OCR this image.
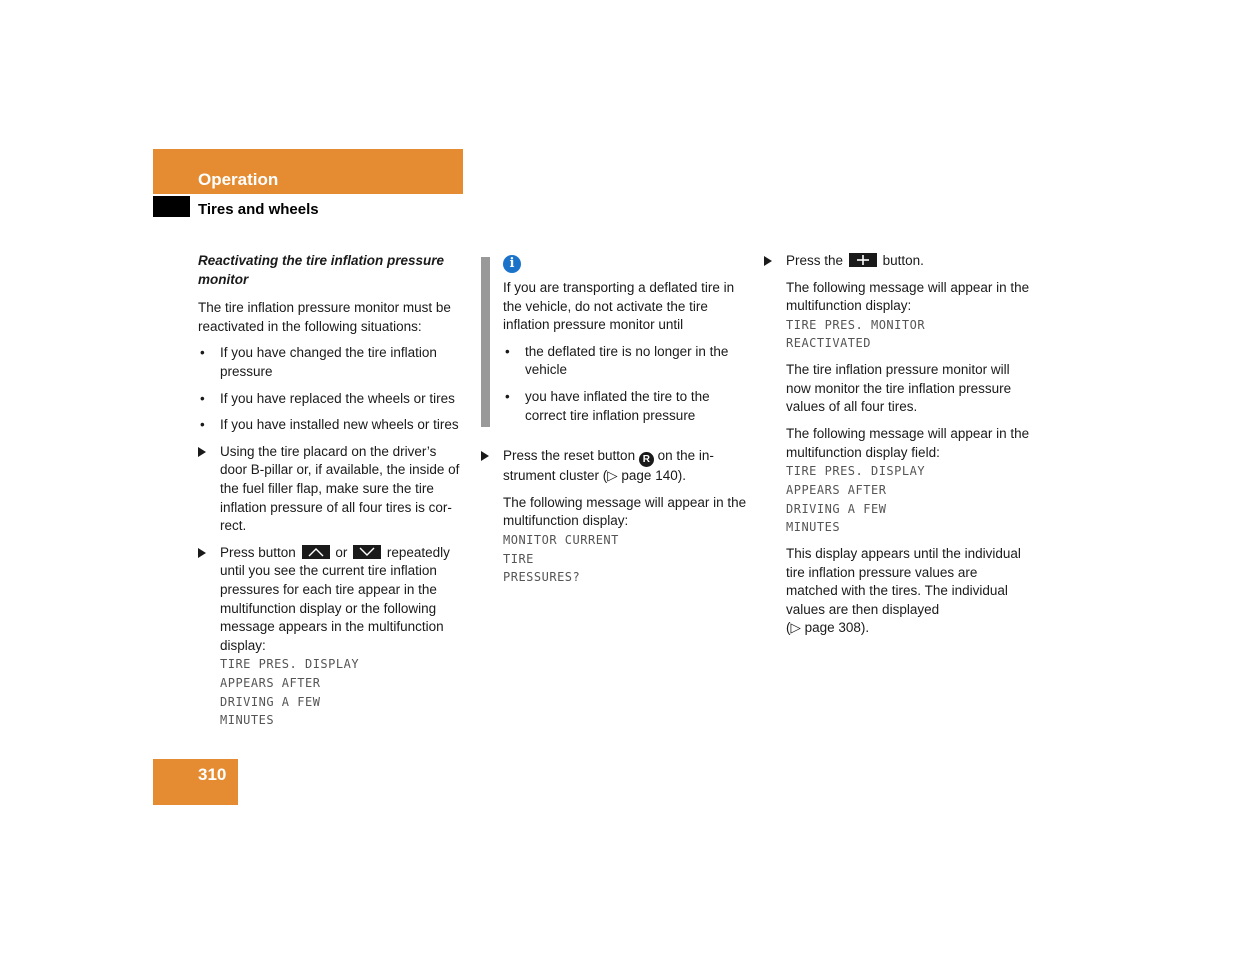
Operation
Tires and wheels

Reactivating the tire inflation pressure monitor

The tire inflation pressure monitor must be reactivated in the following situations:

• If you have changed the tire inflation pressure
• If you have replaced the wheels or tires
• If you have installed new wheels or tires
Using the tire placard on the driver’s door B-pillar or, if available, the inside of the fuel filler flap, make sure the tire inflation pressure of all four tires is cor-rect.
Press button	or	repeatedly until you see the current tire inflation pressures for each tire appear in the multifunction display or the following message appears in the multifunction display:
TIRE PRES. DISPLAY
APPEARS AFTER
DRIVING A FEW
MINUTES
i

If you are transporting a deflated tire in the vehicle, do not activate the tire inflation pressure monitor until

• the deflated tire is no longer in the vehicle
• you have inflated the tire to the correct tire inflation pressure
Press the reset button R on the in-strument cluster (▷ page 140).

The following message will appear in the multifunction display:

MONITOR CURRENT
TIRE
PRESSURES?
Press the	button.

The following message will appear in the multifunction display:

TIRE PRES. MONITOR
REACTIVATED

The tire inflation pressure monitor will now monitor the tire inflation pressure values of all four tires.

The following message will appear in the multifunction display field:

TIRE PRES. DISPLAY
APPEARS AFTER
DRIVING A FEW
MINUTES

This display appears until the individual tire inflation pressure values are matched with the tires. The individual values are then displayed

(▷ page 308).

310
